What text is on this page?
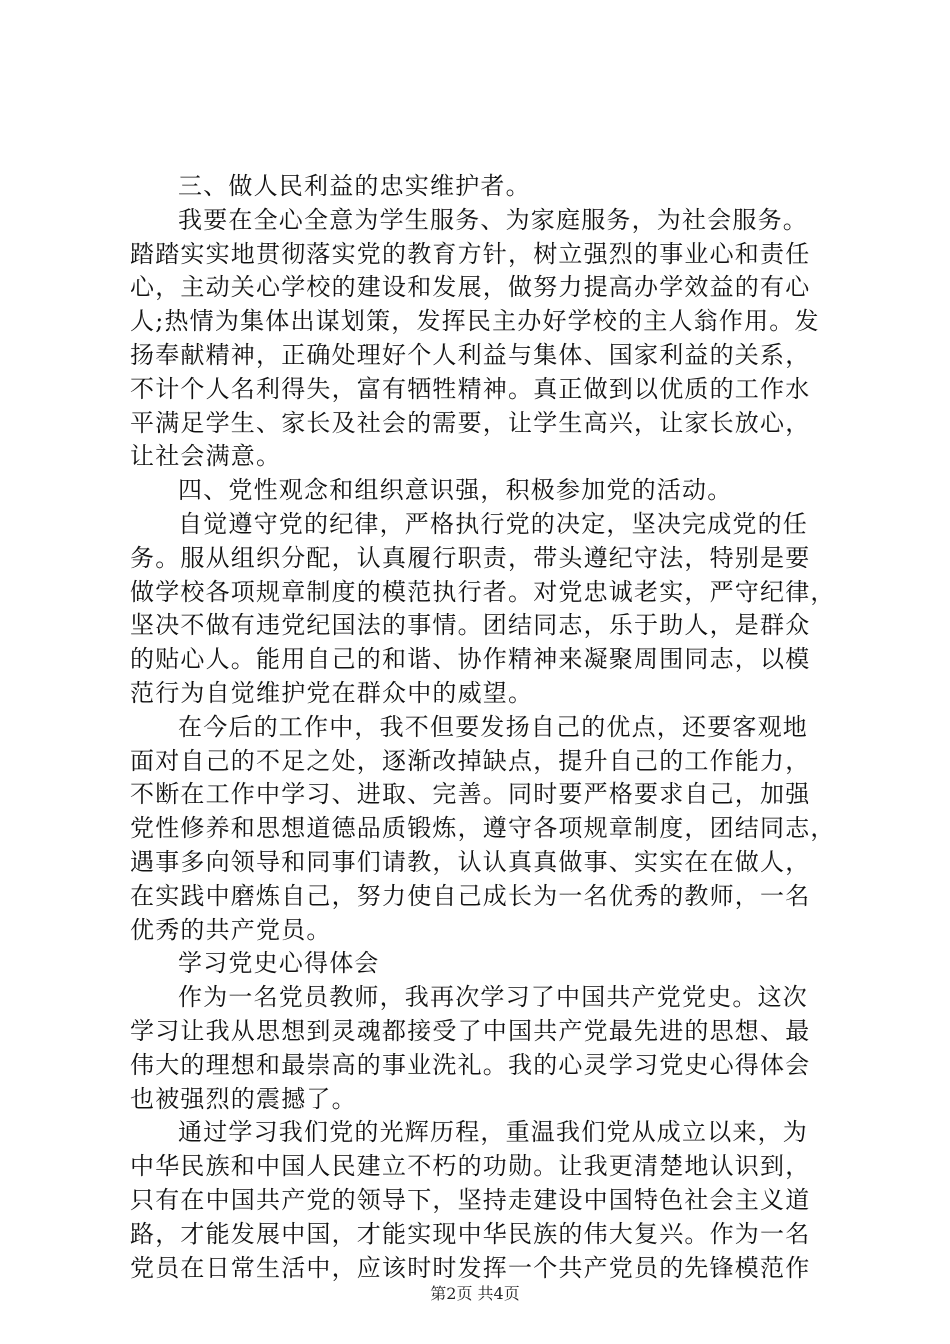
三、做人民利益的忠实维护者。
我要在全心全意为学生服务、为家庭服务，为社会服务。
踏踏实实地贯彻落实党的教育方针，树立强烈的事业心和责任
心，主动关心学校的建设和发展，做努力提高办学效益的有心
人;热情为集体出谋划策，发挥民主办好学校的主人翁作用。发
扬奉献精神，正确处理好个人利益与集体、国家利益的关系，
不计个人名利得失，富有牺牲精神。真正做到以优质的工作水
平满足学生、家长及社会的需要，让学生高兴，让家长放心，
让社会满意。
四、党性观念和组织意识强，积极参加党的活动。
自觉遵守党的纪律，严格执行党的决定，坚决完成党的任
务。服从组织分配，认真履行职责，带头遵纪守法，特别是要
做学校各项规章制度的模范执行者。对党忠诚老实，严守纪律，
坚决不做有违党纪国法的事情。团结同志，乐于助人，是群众
的贴心人。能用自己的和谐、协作精神来凝聚周围同志，以模
范行为自觉维护党在群众中的威望。
在今后的工作中，我不但要发扬自己的优点，还要客观地
面对自己的不足之处，逐渐改掉缺点，提升自己的工作能力，
不断在工作中学习、进取、完善。同时要严格要求自己，加强
党性修养和思想道德品质锻炼，遵守各项规章制度，团结同志，
遇事多向领导和同事们请教，认认真真做事、实实在在做人，
在实践中磨炼自己，努力使自己成长为一名优秀的教师，一名
优秀的共产党员。
学习党史心得体会
作为一名党员教师，我再次学习了中国共产党党史。这次
学习让我从思想到灵魂都接受了中国共产党最先进的思想、最
伟大的理想和最崇高的事业洗礼。我的心灵学习党史心得体会
也被强烈的震撼了。
通过学习我们党的光辉历程，重温我们党从成立以来，为
中华民族和中国人民建立不朽的功勋。让我更清楚地认识到，
只有在中国共产党的领导下，坚持走建设中国特色社会主义道
路，才能发展中国，才能实现中华民族的伟大复兴。作为一名
党员在日常生活中，应该时时发挥一个共产党员的先锋模范作
第2页 共4页
